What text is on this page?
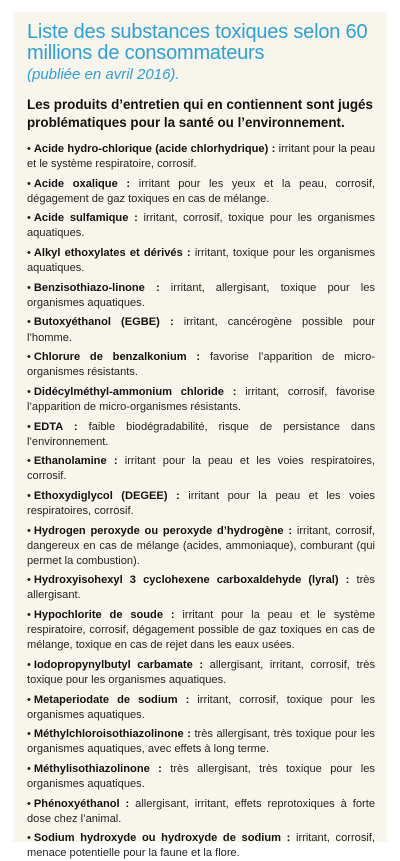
Liste des substances toxiques selon 60 millions de consommateurs
(publiée en avril 2016).

Les produits d’entretien qui en contiennent sont jugés problématiques pour la santé ou l’environnement.

• Acide hydro-chlorique (acide chlorhydrique) : irritant pour la peau et le système respiratoire, corrosif.
• Acide oxalique : irritant pour les yeux et la peau, corrosif, dégagement de gaz toxiques en cas de mélange.
• Acide sulfamique : irritant, corrosif, toxique pour les organismes aquatiques.
• Alkyl ethoxylates et dérivés : irritant, toxique pour les organismes aquatiques.
• Benzisothiazo-linone : irritant, allergisant, toxique pour les organismes aquatiques.
• Butoxyéthanol (EGBE) : irritant, cancérogène possible pour l’homme.
• Chlorure de benzalkonium : favorise l’apparition de micro-organismes résistants.
• Didécylméthyl-ammonium chloride : irritant, corrosif, favorise l’apparition de micro-organismes résistants.
• EDTA : faible biodégradabilité, risque de persistance dans l’environnement.
• Ethanolamine : irritant pour la peau et les voies respiratoires, corrosif.
• Ethoxydiglycol (DEGEE) : irritant pour la peau et les voies respiratoires, corrosif.
• Hydrogen peroxyde ou peroxyde d’hydrogène : irritant, corrosif, dangereux en cas de mélange (acides, ammoniaque), comburant (qui permet la combustion).
• Hydroxyisohexyl 3 cyclohexene carboxaldehyde (lyral) : très allergisant.
• Hypochlorite de soude : irritant pour la peau et le système respiratoire, corrosif, dégagement possible de gaz toxiques en cas de mélange, toxique en cas de rejet dans les eaux usées.
• Iodopropynylbutyl carbamate : allergisant, irritant, corrosif, très toxique pour les organismes aquatiques.
• Metaperiodate de sodium : irritant, corrosif, toxique pour les organismes aquatiques.
• Méthylchloroisothiazolinone : très allergisant, très toxique pour les organismes aquatiques, avec effets à long terme.
• Méthylisothiazolinone : très allergisant, très toxique pour les organismes aquatiques.
• Phénoxyéthanol : allergisant, irritant, effets reprotoxiques à forte dose chez l’animal.
• Sodium hydroxyde ou hydroxyde de sodium : irritant, corrosif, menace potentielle pour la faune et la flore.
